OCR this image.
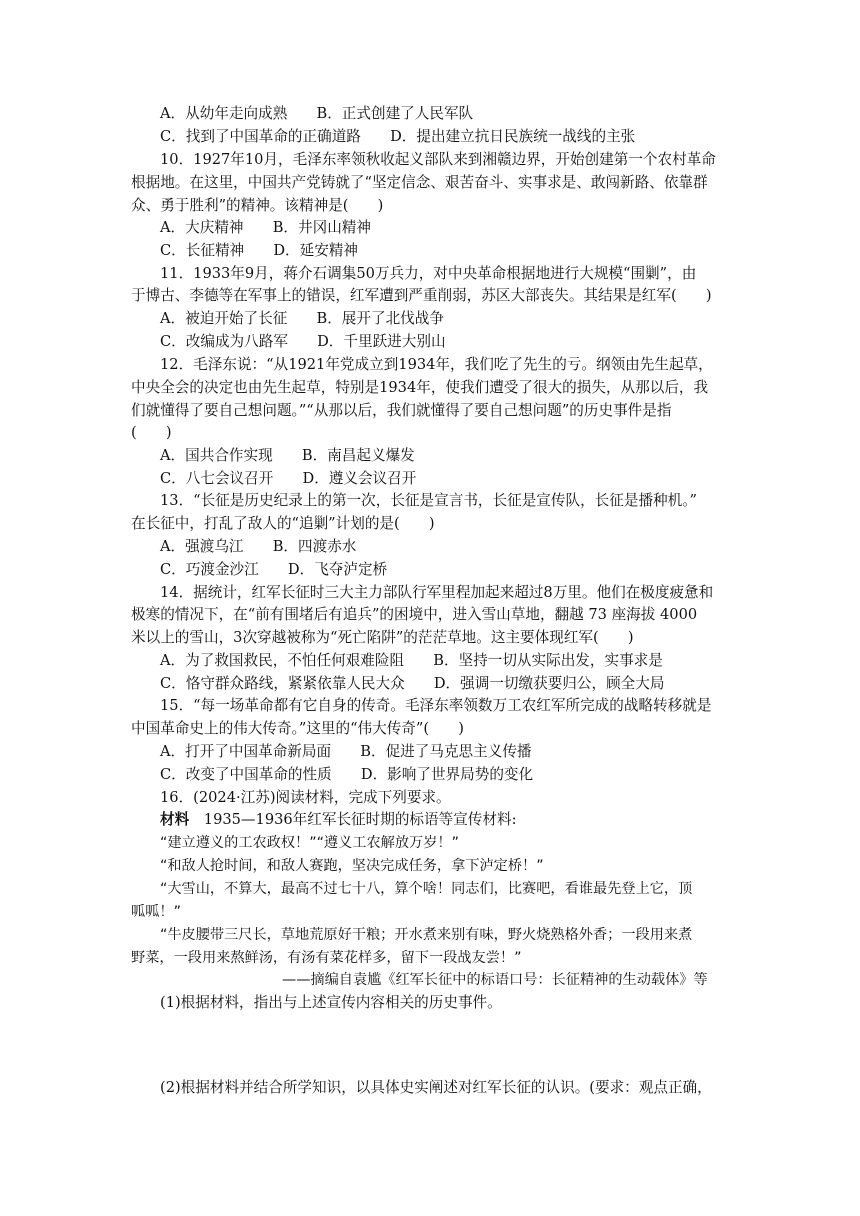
A．从幼年走向成熟　　B．正式创建了人民军队
C．找到了中国革命的正确道路　　D．提出建立抗日民族统一战线的主张
10．1927年10月，毛泽东率领秋收起义部队来到湘赣边界，开始创建第一个农村革命
根据地。在这里，中国共产党铸就了“坚定信念、艰苦奋斗、实事求是、敢闯新路、依靠群
众、勇于胜利”的精神。该精神是(　　)
A．大庆精神　　B．井冈山精神
C．长征精神　　D．延安精神
11．1933年9月，蒋介石调集50万兵力，对中央革命根据地进行大规模“围剿”，由
于博古、李德等在军事上的错误，红军遭到严重削弱，苏区大部丧失。其结果是红军(　　)
A．被迫开始了长征　　B．展开了北伐战争
C．改编成为八路军　　D．千里跃进大别山
12．毛泽东说：“从1921年党成立到1934年，我们吃了先生的亏。纲领由先生起草，
中央全会的决定也由先生起草，特别是1934年，使我们遭受了很大的损失，从那以后，我
们就懂得了要自己想问题。”“从那以后，我们就懂得了要自己想问题”的历史事件是指
(　　)
A．国共合作实现　　B．南昌起义爆发
C．八七会议召开　　D．遵义会议召开
13．“长征是历史纪录上的第一次，长征是宣言书，长征是宣传队，长征是播种机。”
在长征中，打乱了敌人的“追剿”计划的是(　　)
A．强渡乌江　　B．四渡赤水
C．巧渡金沙江　　D．飞夺泸定桥
14．据统计，红军长征时三大主力部队行军里程加起来超过8万里。他们在极度疲惫和
极寒的情况下，在“前有围堵后有追兵”的困境中，进入雪山草地，翻越 73 座海拔 4000
米以上的雪山，3次穿越被称为“死亡陷阱”的茫茫草地。这主要体现红军(　　)
A．为了救国救民，不怕任何艰难险阻　　B．坚持一切从实际出发，实事求是
C．恪守群众路线，紧紧依靠人民大众　　D．强调一切缴获要归公，顾全大局
15．“每一场革命都有它自身的传奇。毛泽东率领数万工农红军所完成的战略转移就是
中国革命史上的伟大传奇。”这里的“伟大传奇”(　　)
A．打开了中国革命新局面　　B．促进了马克思主义传播
C．改变了中国革命的性质　　D．影响了世界局势的变化
16．(2024·江苏)阅读材料，完成下列要求。
材料　1935—1936年红军长征时期的标语等宣传材料:
“建立遵义的工农政权！”“遵义工农解放万岁！”
“和敌人抢时间，和敌人赛跑，坚决完成任务，拿下泸定桥！”
“大雪山，不算大，最高不过七十八，算个啥！同志们，比赛吧，看谁最先登上它，顶
呱呱！”
“牛皮腰带三尺长，草地荒原好干粮；开水煮来别有味，野火烧熟格外香；一段用来煮
野菜，一段用来熬鲜汤，有汤有菜花样多，留下一段战友尝！”
——摘编自袁尴《红军长征中的标语口号：长征精神的生动载体》等
(1)根据材料，指出与上述宣传内容相关的历史事件。
(2)根据材料并结合所学知识，以具体史实阐述对红军长征的认识。(要求：观点正确，
